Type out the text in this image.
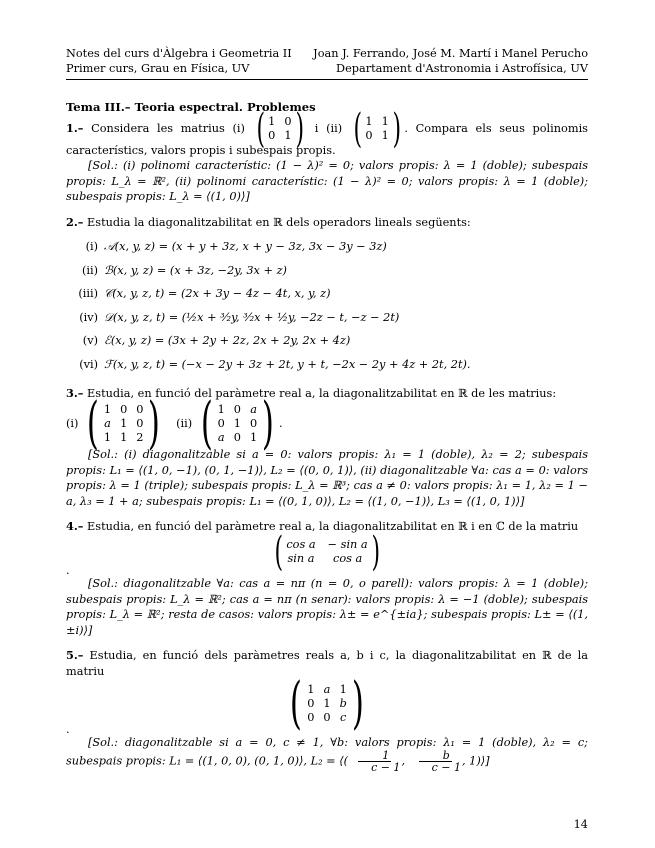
Notes del curs d'Àlgebra i Geometria II
Primer curs, Grau en Física, UV
Joan J. Ferrando, José M. Martí i Manel Perucho
Departament d'Astronomia i Astrofísica, UV
Tema III.– Teoria espectral. Problemes

1.– Considera les matrius (i) ( 1 0
0 1 ) i (ii) ( 1 1
0 1 ) . Compara els seus polinomis característics, valors propis i subespais propis.

[Sol.: (i) polinomi característic: (1 − λ)² = 0; valors propis: λ = 1 (doble); subespais propis: L_λ = ℝ², (ii) polinomi característic: (1 − λ)² = 0; valors propis: λ = 1 (doble); subespais propis: L_λ = ⟨(1, 0)⟩]

2.– Estudia la diagonalitzabilitat en ℝ dels operadors lineals següents:

(i) 𝒜(x, y, z) = (x + y + 3z, x + y − 3z, 3x − 3y − 3z)
(ii) ℬ(x, y, z) = (x + 3z, −2y, 3x + z)
(iii) 𝒞(x, y, z, t) = (2x + 3y − 4z − 4t, x, y, z)
(iv) 𝒟(x, y, z, t) = (½x + ³⁄₂y, ³⁄₂x + ½y, −2z − t, −z − 2t)
(v) ℰ(x, y, z) = (3x + 2y + 2z, 2x + 2y, 2x + 4z)
(vi) ℱ(x, y, z, t) = (−x − 2y + 3z + 2t, y + t, −2x − 2y + 4z + 2t, 2t).

3.– Estudia, en funció del paràmetre real a, la diagonalitzabilitat en ℝ de les matrius:

(i) ( 1 0 0
a 1 0
1 1 2 ) (ii) ( 1 0 a
0 1 0
a 0 1 ) .

[Sol.: (i) diagonalitzable si a = 0: valors propis: λ₁ = 1 (doble), λ₂ = 2; subespais propis: L₁ = ⟨(1, 0, −1), (0, 1, −1)⟩, L₂ = ⟨(0, 0, 1)⟩, (ii) diagonalitzable ∀a: cas a = 0: valors propis: λ = 1 (triple); subespais propis: L_λ = ℝ³; cas a ≠ 0: valors propis: λ₁ = 1, λ₂ = 1 − a, λ₃ = 1 + a; subespais propis: L₁ = ⟨(0, 1, 0)⟩, L₂ = ⟨(1, 0, −1)⟩, L₃ = ⟨(1, 0, 1)⟩]

4.– Estudia, en funció del paràmetre real a, la diagonalitzabilitat en ℝ i en ℂ de la matriu

( cos a − sin a
sin a	cos a )
.

[Sol.: diagonalitzable ∀a: cas a = nπ (n = 0, o parell): valors propis: λ = 1 (doble); subespais propis: L_λ = ℝ²; cas a = nπ (n senar): valors propis: λ = −1 (doble); subespais propis: L_λ = ℝ²; resta de casos: valors propis: λ± = e^{±ia}; subespais propis: L± = ⟨(1, ±i)⟩]

5.– Estudia, en funció dels paràmetres reals a, b i c, la diagonalitzabilitat en ℝ de la matriu	( 1 a 1
0 1 b
0 0 c )
.

[Sol.: diagonalitzable si a = 0, c ≠ 1, ∀b: valors propis: λ₁ = 1 (doble), λ₂ = c; subespais propis: L₁ = ⟨(1, 0, 0), (0, 1, 0)⟩, L₂ = ⟨( $\frac{1}{c - 1}$ , $\frac{b}{c - 1}$ , 1)⟩]

14
